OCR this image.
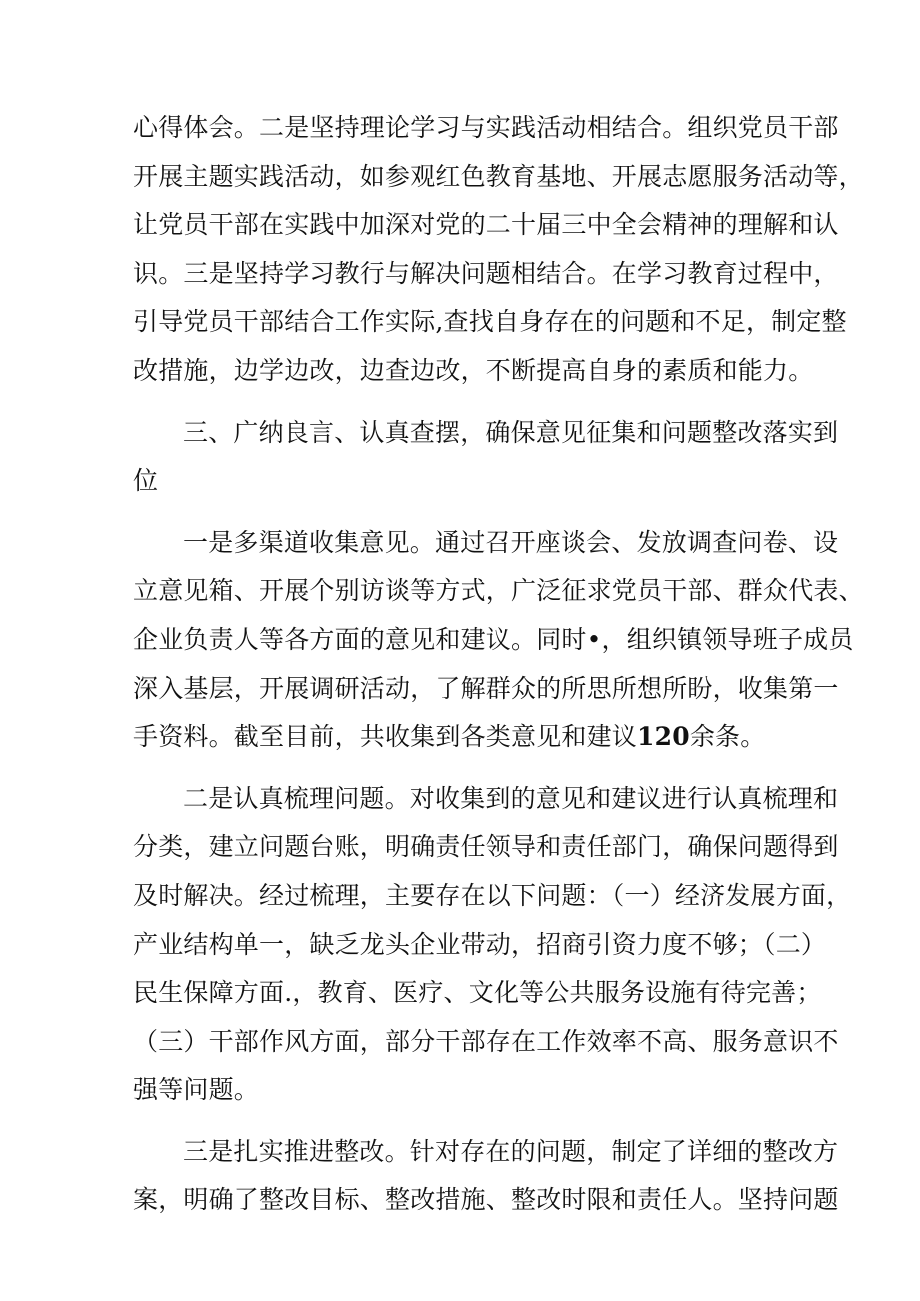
心得体会。二是坚持理论学习与实践活动相结合。组织党员干部
开展主题实践活动，如参观红色教育基地、开展志愿服务活动等，
让党员干部在实践中加深对党的二十届三中全会精神的理解和认
识。三是坚持学习教行与解决问题相结合。在学习教育过程中，
引导党员干部结合工作实际,查找自身存在的问题和不足，制定整
改措施，边学边改，边查边改，不断提高自身的素质和能力。
三、广纳良言、认真查摆，确保意见征集和问题整改落实到
位
一是多渠道收集意见。通过召开座谈会、发放调查问卷、设
立意见箱、开展个别访谈等方式，广泛征求党员干部、群众代表、
企业负责人等各方面的意见和建议。同时•，组织镇领导班子成员
深入基层，开展调研活动，了解群众的所思所想所盼，收集第一
手资料。截至目前，共收集到各类意见和建议120余条。
二是认真梳理问题。对收集到的意见和建议进行认真梳理和
分类，建立问题台账，明确责任领导和责任部门，确保问题得到
及时解决。经过梳理，主要存在以下问题：（一）经济发展方面，
产业结构单一，缺乏龙头企业带动，招商引资力度不够；（二）
民生保障方面.，教育、医疗、文化等公共服务设施有待完善；
（三）干部作风方面，部分干部存在工作效率不高、服务意识不
强等问题。
三是扎实推进整改。针对存在的问题，制定了详细的整改方
案，明确了整改目标、整改措施、整改时限和责任人。坚持问题
